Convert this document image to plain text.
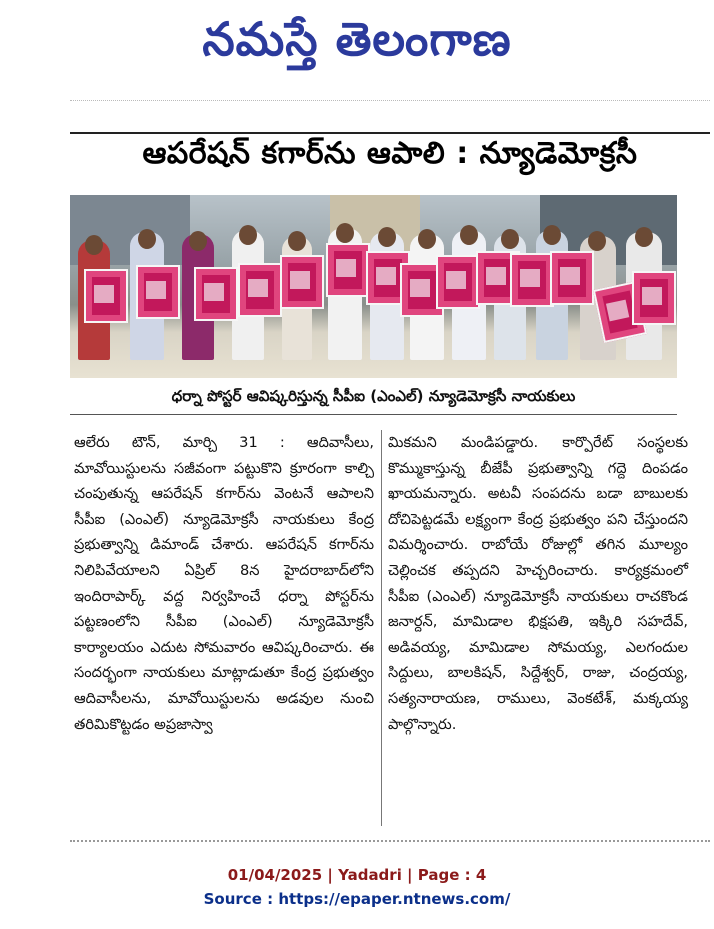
నమస్తే తెలంగాణ
ఆపరేషన్ కగార్‌ను ఆపాలి : న్యూడెమోక్రసీ
ధర్నా పోస్టర్ ఆవిష్కరిస్తున్న సీపీఐ (ఎంఎల్) న్యూడెమోక్రసీ నాయకులు
ఆలేరు టౌన్, మార్చి 31 : ఆదివాసీలు, మావోయిస్టులను సజీవంగా పట్టుకొని క్రూరంగా కాల్చి చంపుతున్న ఆపరేషన్ కగార్‌ను వెంటనే ఆపాలని సీపీఐ (ఎంఎల్) న్యూడెమోక్రసీ నాయకులు కేంద్ర ప్రభుత్వాన్ని డిమాండ్ చేశారు. ఆపరేషన్ కగార్‌ను నిలిపివేయాలని ఏప్రిల్ 8న హైదరాబాద్‌లోని ఇందిరాపార్క్ వద్ద నిర్వహించే ధర్నా పోస్టర్‌ను పట్టణంలోని సీపీఐ (ఎంఎల్) న్యూడెమోక్రసీ కార్యాలయం ఎదుట సోమవారం ఆవిష్కరించారు. ఈ సందర్భంగా నాయకులు మాట్లాడుతూ కేంద్ర ప్రభుత్వం ఆదివాసీలను, మావోయిస్టులను అడవుల నుంచి తరిమికొట్టడం అప్రజాస్వా
మికమని మండిపడ్డారు. కార్పొరేట్ సంస్థలకు కొమ్ముకాస్తున్న బీజేపీ ప్రభుత్వాన్ని గద్దె దింపడం ఖాయమన్నారు. అటవీ సంపదను బడా బాబులకు దోచిపెట్టడమే లక్ష్యంగా కేంద్ర ప్రభుత్వం పని చేస్తుందని విమర్శించారు. రాబోయే రోజుల్లో తగిన మూల్యం చెల్లించక తప్పదని హెచ్చరించారు. కార్యక్రమంలో సీపీఐ (ఎంఎల్) న్యూడెమోక్రసీ నాయకులు రాచకొండ జనార్దన్, మామిడాల భిక్షపతి, ఇక్కిరి సహదేవ్, అడివయ్య, మామిడాల సోమయ్య, ఎలగందుల సిద్దులు, బాలకిషన్, సిద్దేశ్వర్, రాజు, చంద్రయ్య, సత్యనారాయణ, రాములు, వెంకటేశ్, మక్కయ్య పాల్గొన్నారు.
01/04/2025 | Yadadri | Page : 4
Source : https://epaper.ntnews.com/
